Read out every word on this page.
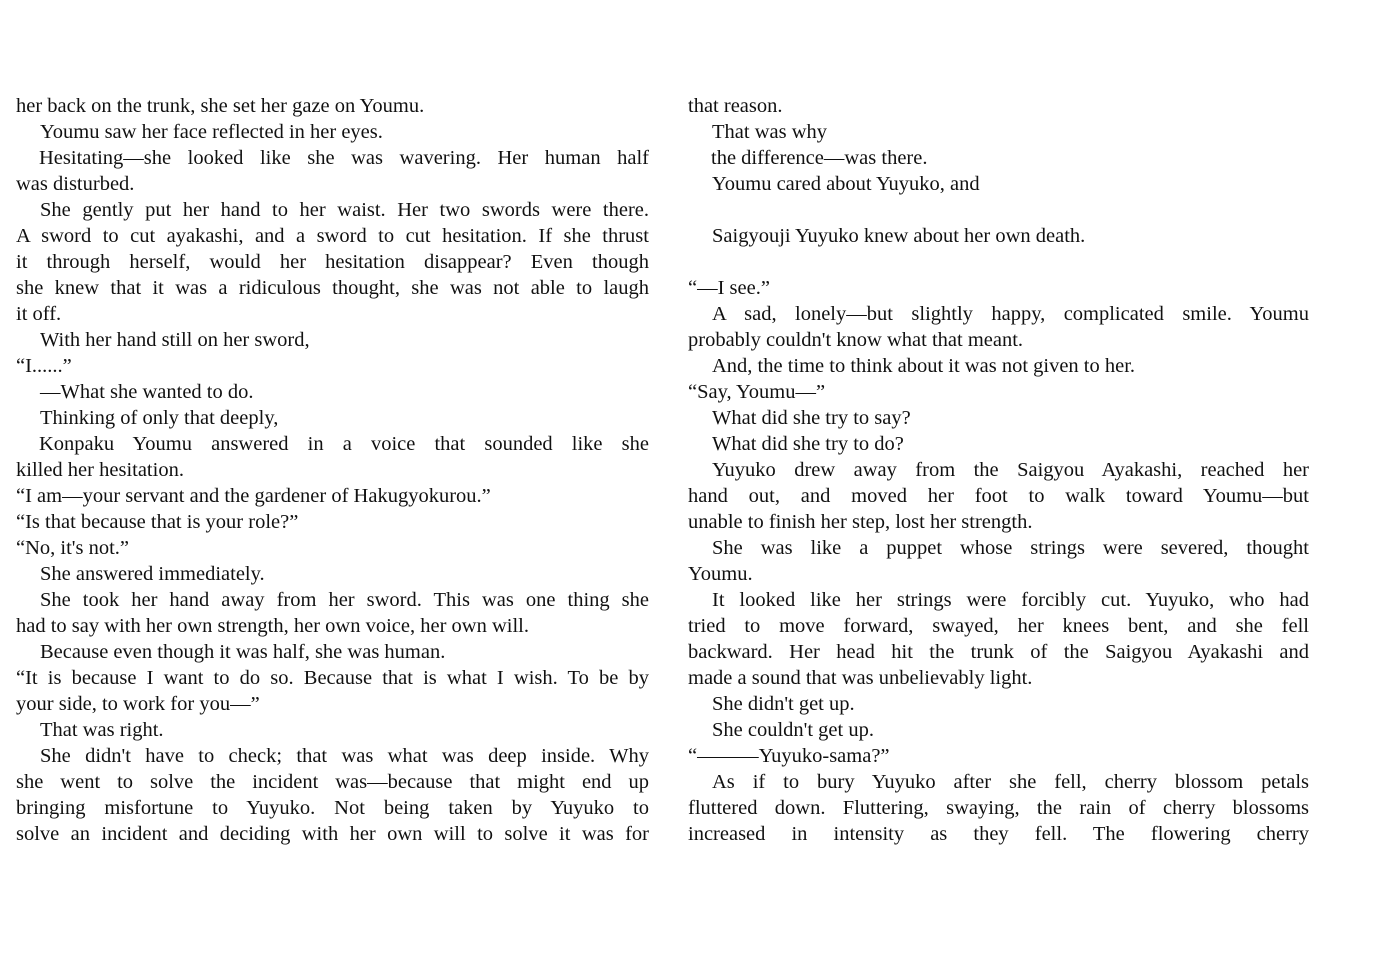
her back on the trunk, she set her gaze on Youmu.
Youmu saw her face reflected in her eyes.
Hesitating—she looked like she was wavering. Her human half
was disturbed.
She gently put her hand to her waist. Her two swords were there.
A sword to cut ayakashi, and a sword to cut hesitation. If she thrust
it through herself, would her hesitation disappear? Even though
she knew that it was a ridiculous thought, she was not able to laugh
it off.
With her hand still on her sword,
“I......”
—What she wanted to do.
Thinking of only that deeply,
Konpaku Youmu answered in a voice that sounded like she
killed her hesitation.
“I am—your servant and the gardener of Hakugyokurou.”
“Is that because that is your role?”
“No, it's not.”
She answered immediately.
She took her hand away from her sword. This was one thing she
had to say with her own strength, her own voice, her own will.
Because even though it was half, she was human.
“It is because I want to do so. Because that is what I wish. To be by
your side, to work for you—”
That was right.
She didn't have to check; that was what was deep inside. Why
she went to solve the incident was—because that might end up
bringing misfortune to Yuyuko. Not being taken by Yuyuko to
solve an incident and deciding with her own will to solve it was for
that reason.
That was why
the difference—was there.
Youmu cared about Yuyuko, and
Saigyouji Yuyuko knew about her own death.
“—I see.”
A sad, lonely—but slightly happy, complicated smile. Youmu
probably couldn't know what that meant.
And, the time to think about it was not given to her.
“Say, Youmu—”
What did she try to say?
What did she try to do?
Yuyuko drew away from the Saigyou Ayakashi, reached her
hand out, and moved her foot to walk toward Youmu—but
unable to finish her step, lost her strength.
She was like a puppet whose strings were severed, thought
Youmu.
It looked like her strings were forcibly cut. Yuyuko, who had
tried to move forward, swayed, her knees bent, and she fell
backward. Her head hit the trunk of the Saigyou Ayakashi and
made a sound that was unbelievably light.
She didn't get up.
She couldn't get up.
“———Yuyuko-sama?”
As if to bury Yuyuko after she fell, cherry blossom petals
fluttered down. Fluttering, swaying, the rain of cherry blossoms
increased in intensity as they fell. The flowering cherry
